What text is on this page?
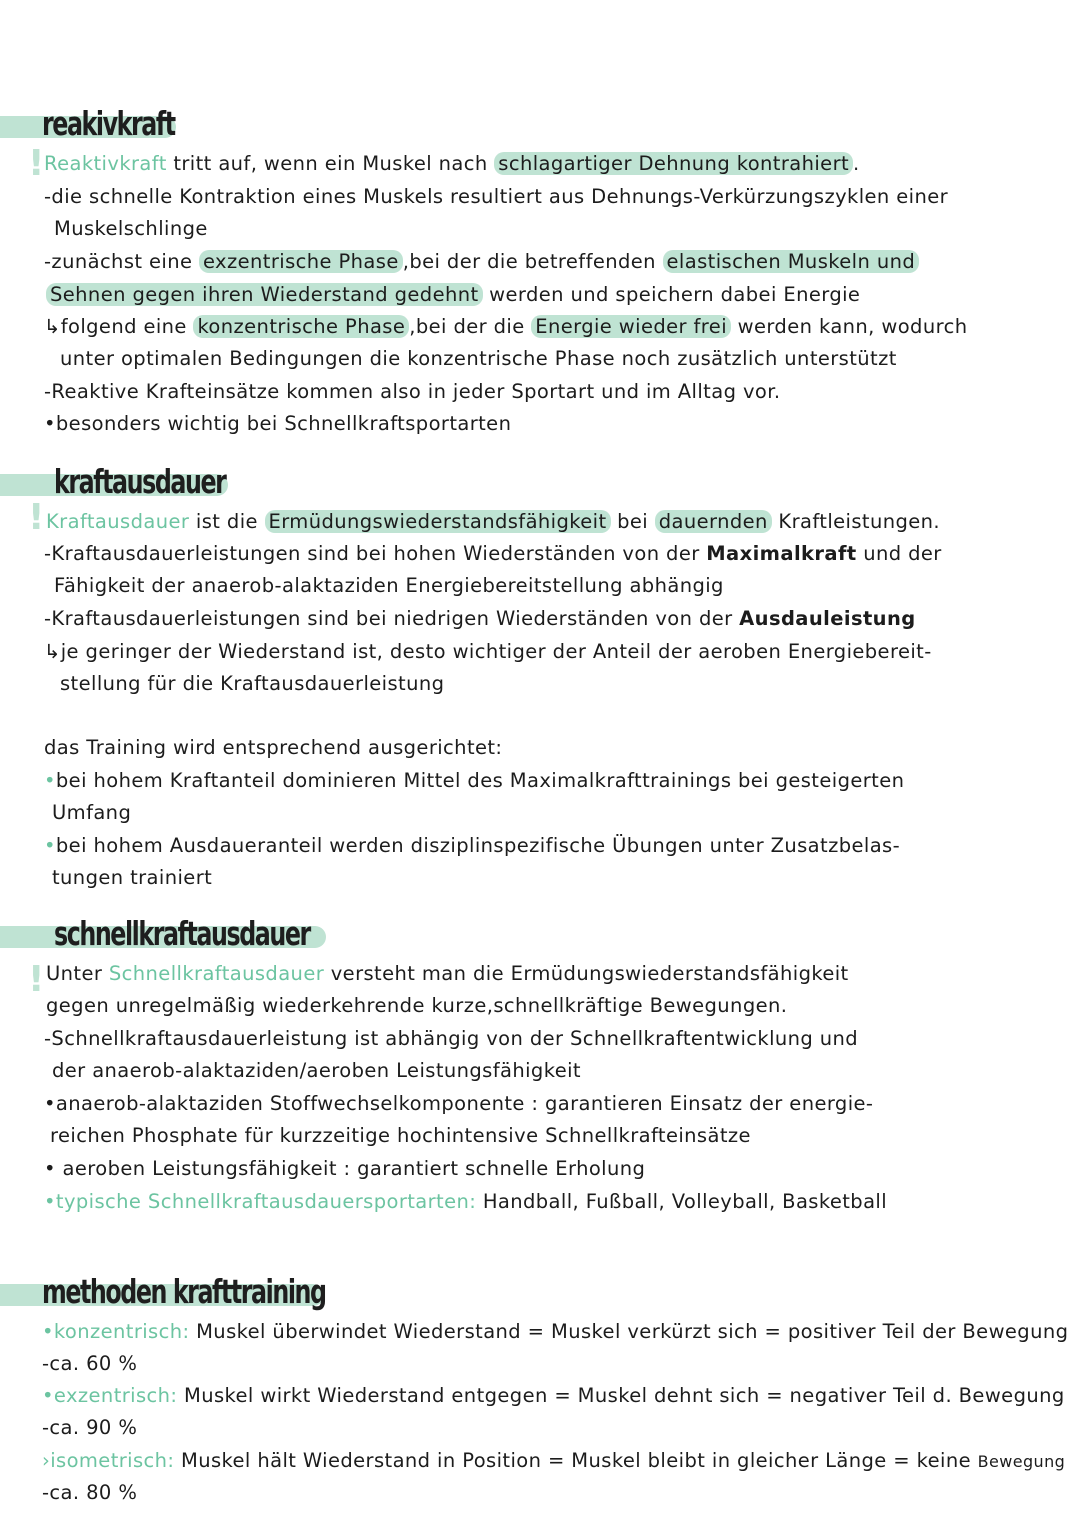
reakivkraft
! Reaktivkraft tritt auf, wenn ein Muskel nach schlagartiger Dehnung kontrahiert .
-die schnelle Kontraktion eines Muskels resultiert aus Dehnungs-Verkürzungszyklen einer
Muskelschlinge
-zunächst eine exzentrische Phase ,bei der die betreffenden elastischen Muskeln und
Sehnen gegen ihren Wiederstand gedehnt werden und speichern dabei Energie
↳folgend eine konzentrische Phase ,bei der die Energie wieder frei werden kann, wodurch
unter optimalen Bedingungen die konzentrische Phase noch zusätzlich unterstützt
-Reaktive Krafteinsätze kommen also in jeder Sportart und im Alltag vor.
•besonders wichtig bei Schnellkraftsportarten
kraftausdauer
! Kraftausdauer ist die Ermüdungswiederstandsfähigkeit bei dauernden Kraftleistungen.
-Kraftausdauerleistungen sind bei hohen Wiederständen von der Maximalkraft und der
Fähigkeit der anaerob-alaktaziden Energiebereitstellung abhängig
-Kraftausdauerleistungen sind bei niedrigen Wiederständen von der Ausdauleistung
↳je geringer der Wiederstand ist, desto wichtiger der Anteil der aeroben Energiebereit-
stellung für die Kraftausdauerleistung
das Training wird entsprechend ausgerichtet:
•bei hohem Kraftanteil dominieren Mittel des Maximalkrafttrainings bei gesteigerten
Umfang
•bei hohem Ausdaueranteil werden disziplinspezifische Übungen unter Zusatzbelas-
tungen trainiert
schnellkraftausdauer
! Unter Schnellkraftausdauer versteht man die Ermüdungswiederstandsfähigkeit
gegen unregelmäßig wiederkehrende kurze,schnellkräftige Bewegungen.
-Schnellkraftausdauerleistung ist abhängig von der Schnellkraftentwicklung und
der anaerob-alaktaziden/aeroben Leistungsfähigkeit
•anaerob-alaktaziden Stoffwechselkomponente : garantieren Einsatz der energie-
reichen Phosphate für kurzzeitige hochintensive Schnellkrafteinsätze
• aeroben Leistungsfähigkeit : garantiert schnelle Erholung
•typische Schnellkraftausdauersportarten: Handball, Fußball, Volleyball, Basketball
methoden krafttraining
•konzentrisch: Muskel überwindet Wiederstand = Muskel verkürzt sich = positiver Teil der Bewegung
-ca. 60 %
•exzentrisch: Muskel wirkt Wiederstand entgegen = Muskel dehnt sich = negativer Teil d. Bewegung
-ca. 90 %
›isometrisch: Muskel hält Wiederstand in Position = Muskel bleibt in gleicher Länge = keine Bewegung
-ca. 80 %
